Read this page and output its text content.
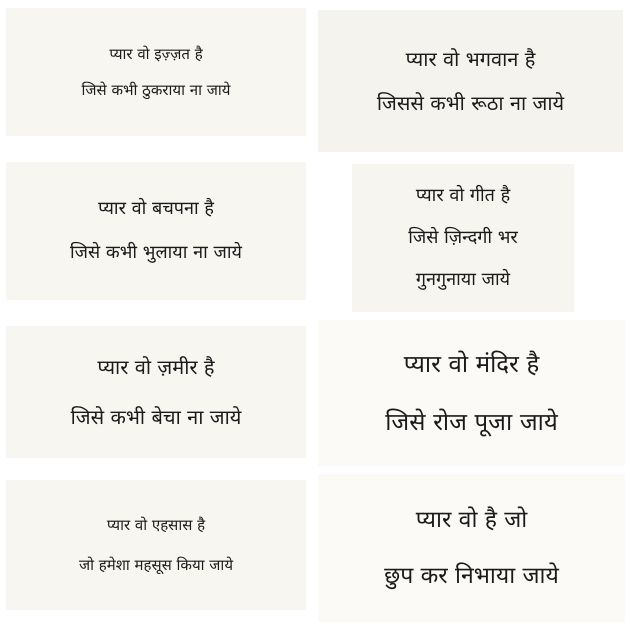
प्यार वो इज़्ज़त है
जिसे कभी ठुकराया ना जाये
प्यार वो भगवान है
जिससे कभी रूठा ना जाये
प्यार वो बचपना है
जिसे कभी भुलाया ना जाये
प्यार वो गीत है
जिसे ज़िन्दगी भर
गुनगुनाया जाये
प्यार वो ज़मीर है
जिसे कभी बेचा ना जाये
प्यार वो मंदिर है
जिसे रोज पूजा जाये
प्यार वो एहसास है
जो हमेशा महसूस किया जाये
प्यार वो है जो
छुप कर निभाया जाये
